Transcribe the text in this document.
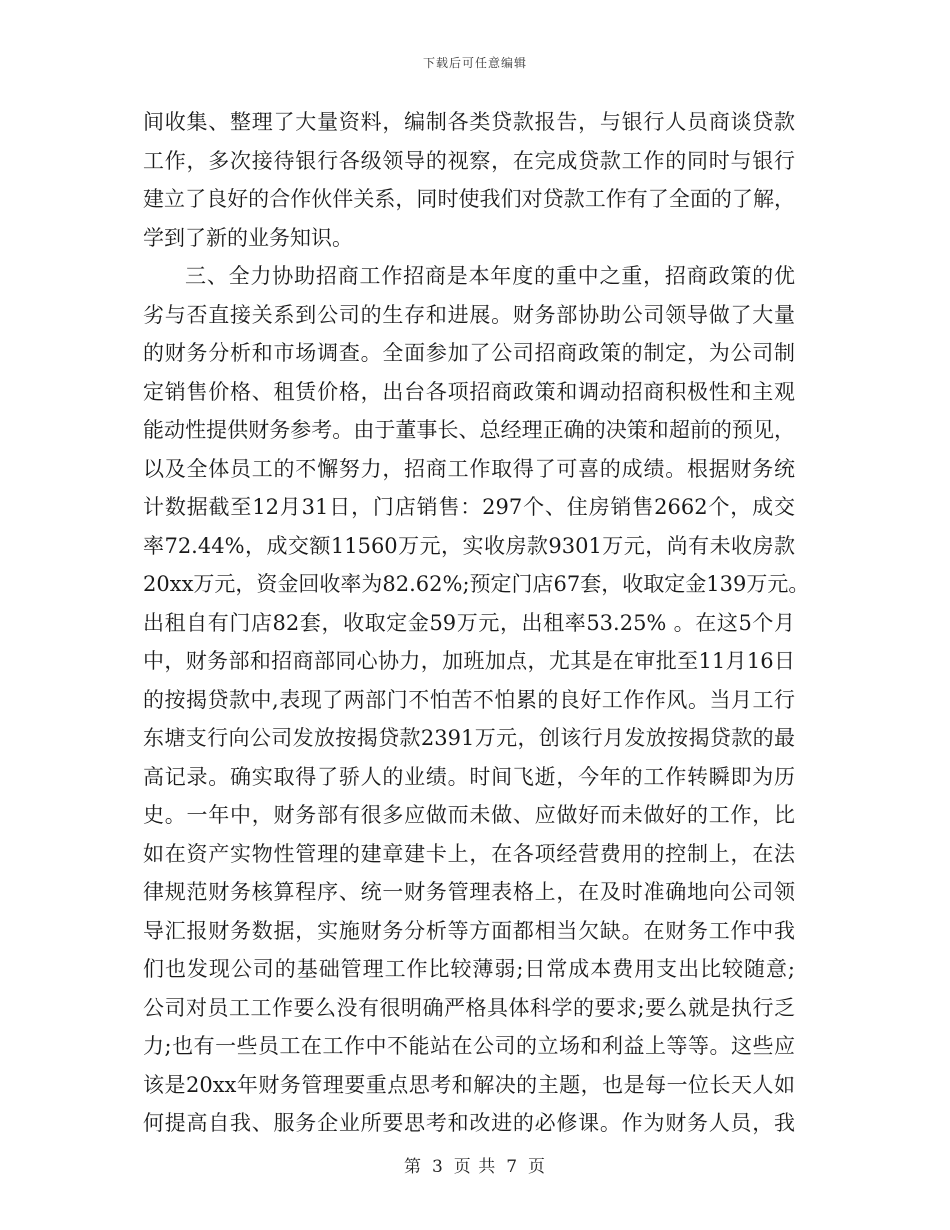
下载后可任意编辑
间收集、整理了大量资料，编制各类贷款报告，与银行人员商谈贷款
工作，多次接待银行各级领导的视察，在完成贷款工作的同时与银行
建立了良好的合作伙伴关系，同时使我们对贷款工作有了全面的了解，
学到了新的业务知识。
三、全力协助招商工作招商是本年度的重中之重，招商政策的优
劣与否直接关系到公司的生存和进展。财务部协助公司领导做了大量
的财务分析和市场调查。全面参加了公司招商政策的制定，为公司制
定销售价格、租赁价格，出台各项招商政策和调动招商积极性和主观
能动性提供财务参考。由于董事长、总经理正确的决策和超前的预见，
以及全体员工的不懈努力，招商工作取得了可喜的成绩。根据财务统
计数据截至12月31日，门店销售：297个、住房销售2662个，成交
率72.44%，成交额11560万元，实收房款9301万元，尚有未收房款
20xx万元，资金回收率为82.62%;预定门店67套，收取定金139万元。
出租自有门店82套，收取定金59万元，出租率53.25% 。在这5个月
中，财务部和招商部同心协力，加班加点，尤其是在审批至11月16日
的按揭贷款中,表现了两部门不怕苦不怕累的良好工作作风。当月工行
东塘支行向公司发放按揭贷款2391万元，创该行月发放按揭贷款的最
高记录。确实取得了骄人的业绩。时间飞逝，今年的工作转瞬即为历
史。一年中，财务部有很多应做而未做、应做好而未做好的工作，比
如在资产实物性管理的建章建卡上，在各项经营费用的控制上，在法
律规范财务核算程序、统一财务管理表格上，在及时准确地向公司领
导汇报财务数据，实施财务分析等方面都相当欠缺。在财务工作中我
们也发现公司的基础管理工作比较薄弱;日常成本费用支出比较随意;
公司对员工工作要么没有很明确严格具体科学的要求;要么就是执行乏
力;也有一些员工在工作中不能站在公司的立场和利益上等等。这些应
该是20xx年财务管理要重点思考和解决的主题，也是每一位长天人如
何提高自我、服务企业所要思考和改进的必修课。作为财务人员，我
第 3 页 共 7 页
